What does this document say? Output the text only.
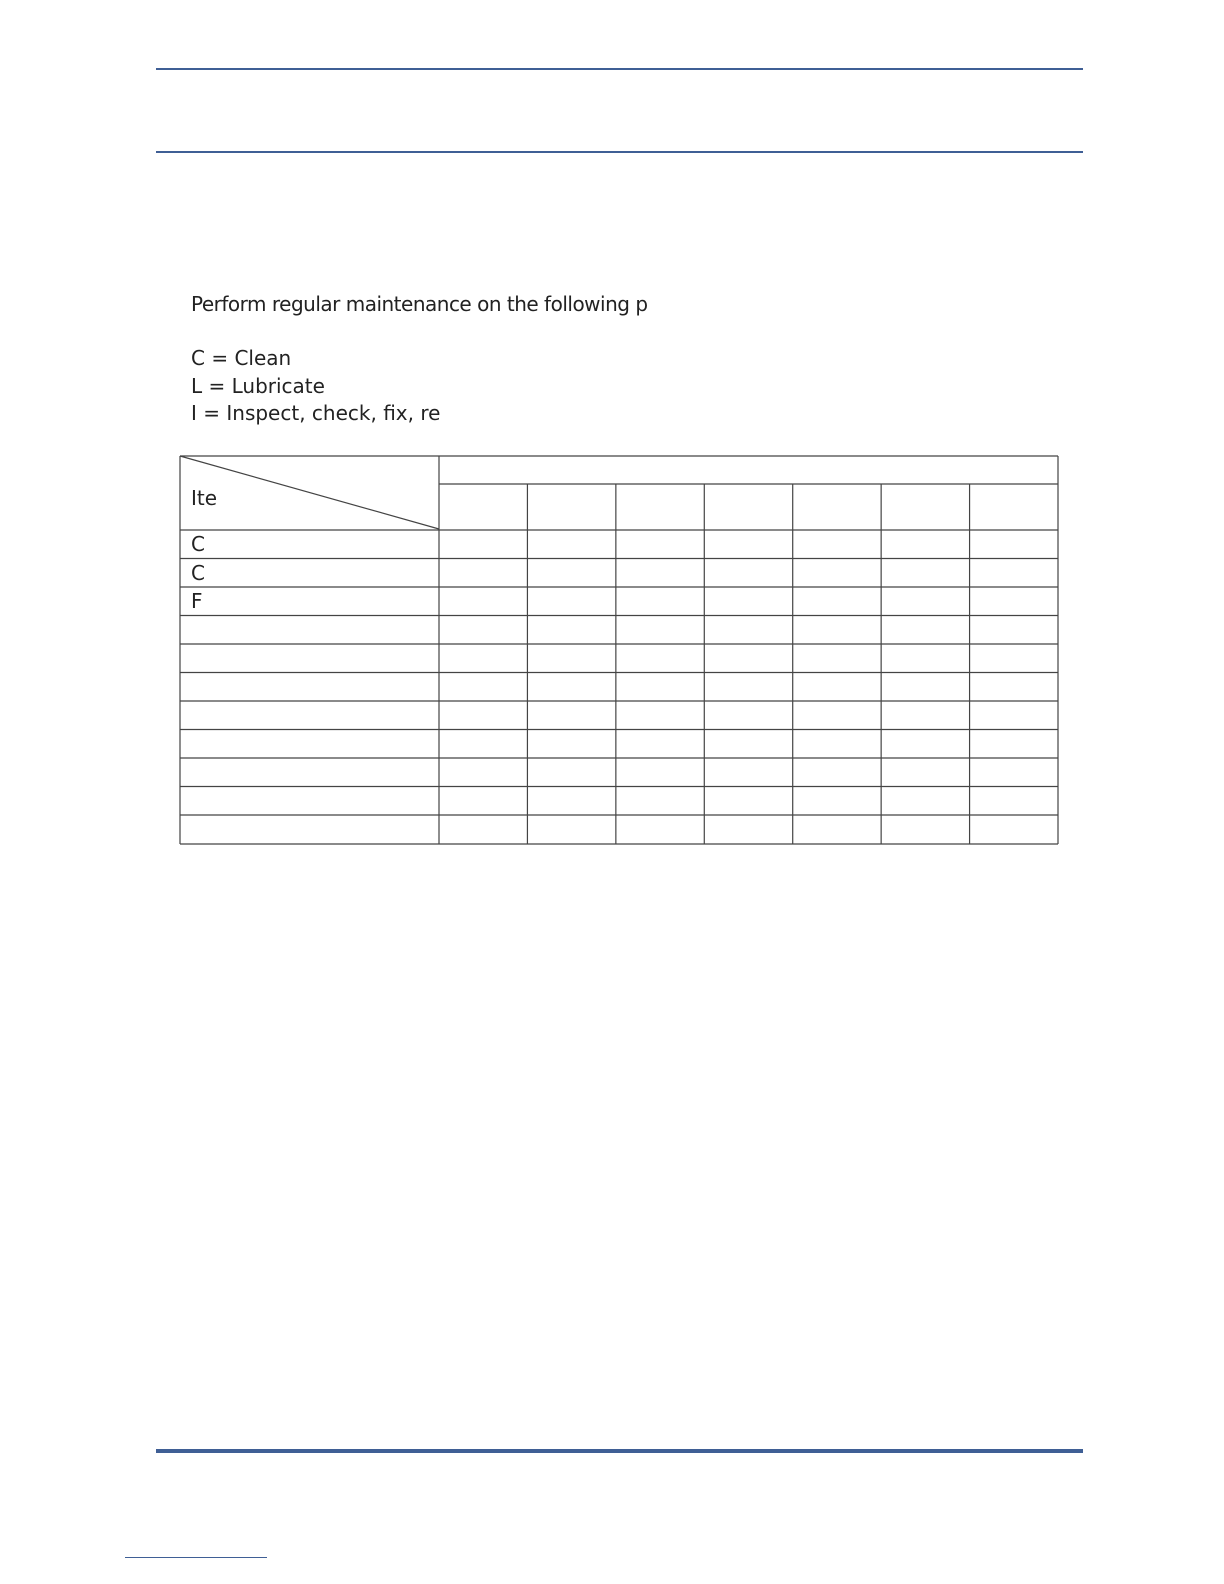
Perform regular maintenance on the following p
C = Clean
L = Lubricate
I = Inspect, check, fix, re
Ite
C
C
F
